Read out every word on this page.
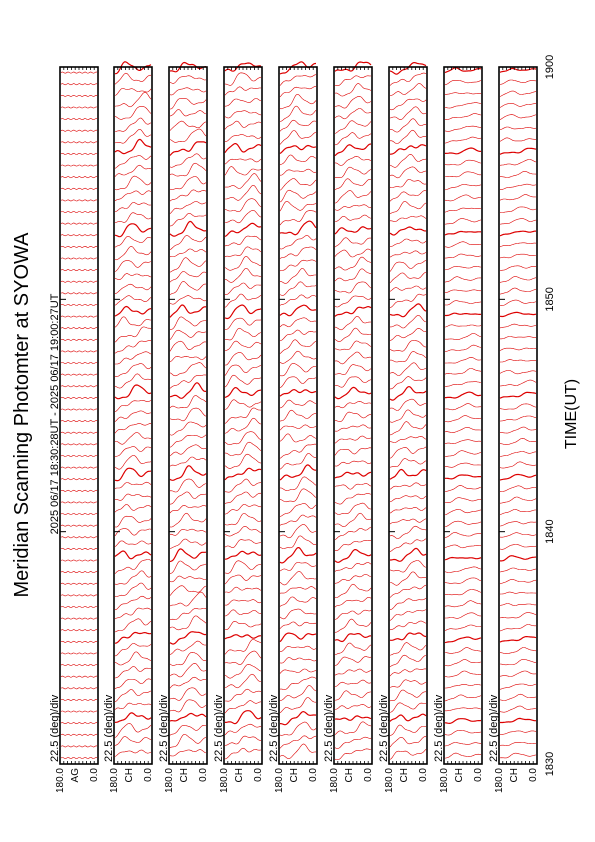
Meridian Scanning Photomter at SYOWA 2025 06/17 18:30:28UT - 2025 06/17 19:00:27UT	TIME(UT)
22.5 (deg)/div
180.0 AG 0.0
22.5 (deg)/div
180.0 CH 0.0
22.5 (deg)/div
180.0 CH 0.0
22.5 (deg)/div
180.0 CH 0.0
22.5 (deg)/div
180.0 CH 0.0
22.5 (deg)/div
180.0 CH 0.0
22.5 (deg)/div
180.0 CH 0.0
22.5 (deg)/div
180.0 CH 0.0
22.5 (deg)/div
180.0 CH 0.0 1830
1840
1850
1900
